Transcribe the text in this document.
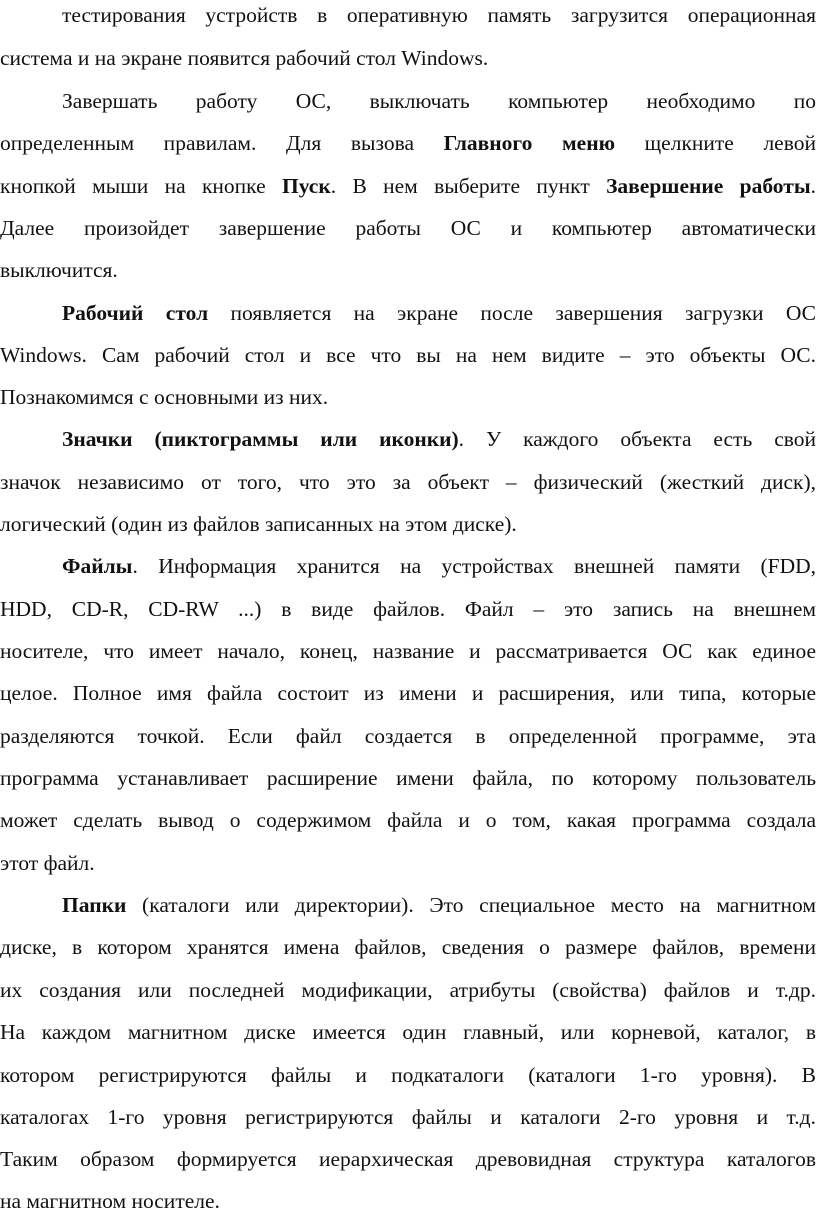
тестирования устройств в оперативную память загрузится операционная
система и на экране появится рабочий стол Windows.
Завершать работу ОС, выключать компьютер необходимо по
определенным правилам. Для вызова Главного меню щелкните левой
кнопкой мыши на кнопке Пуск. В нем выберите пункт Завершение работы.
Далее произойдет завершение работы ОС и компьютер автоматически
выключится.
Рабочий стол появляется на экране после завершения загрузки ОС
Windows. Сам рабочий стол и все что вы на нем видите – это объекты ОС.
Познакомимся с основными из них.
Значки (пиктограммы или иконки). У каждого объекта есть свой
значок независимо от того, что это за объект – физический (жесткий диск),
логический (один из файлов записанных на этом диске).
Файлы. Информация хранится на устройствах внешней памяти (FDD,
HDD, CD-R, CD-RW ...) в виде файлов. Файл – это запись на внешнем
носителе, что имеет начало, конец, название и рассматривается ОС как единое
целое. Полное имя файла состоит из имени и расширения, или типа, которые
разделяются точкой. Если файл создается в определенной программе, эта
программа устанавливает расширение имени файла, по которому пользователь
может сделать вывод о содержимом файла и о том, какая программа создала
этот файл.
Папки (каталоги или директории). Это специальное место на магнитном
диске, в котором хранятся имена файлов, сведения о размере файлов, времени
их создания или последней модификации, атрибуты (свойства) файлов и т.др.
На каждом магнитном диске имеется один главный, или корневой, каталог, в
котором регистрируются файлы и подкаталоги (каталоги 1-го уровня). В
каталогах 1-го уровня регистрируются файлы и каталоги 2-го уровня и т.д.
Таким образом формируется иерархическая древовидная структура каталогов
на магнитном носителе.
